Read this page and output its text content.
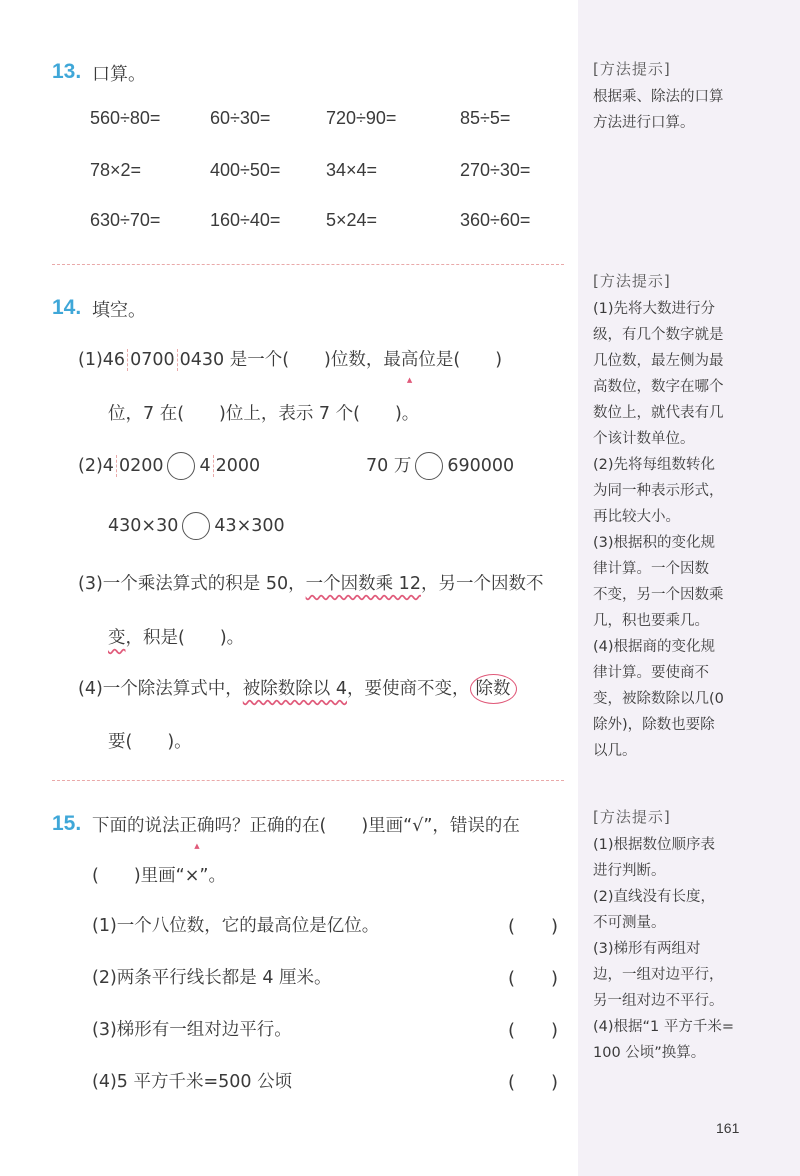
[方法提示]
根据乘、除法的口算
方法进行口算。
[方法提示]
(1)先将大数进行分
级，有几个数字就是
几位数，最左侧为最
高数位，数字在哪个
数位上，就代表有几
个该计数单位。
(2)先将每组数转化
为同一种表示形式，
再比较大小。
(3)根据积的变化规
律计算。一个因数
不变，另一个因数乘
几，积也要乘几。
(4)根据商的变化规
律计算。要使商不
变，被除数除以几(0
除外)，除数也要除
以几。
[方法提示]
(1)根据数位顺序表
进行判断。
(2)直线没有长度，
不可测量。
(3)梯形有两组对
边，一组对边平行，
另一组对边不平行。
(4)根据“1 平方千米=
100 公顷”换算。
13. 口算。
560÷80=	60÷30=	720÷90=	85÷5=
78×2=	400÷50=	34×4=	270÷30=
630÷70=	160÷40=	5×24=	360÷60=
14. 填空。
(1)46 0700 0430 是一个(　　)位数，最高位 ▲是(　　)
位，7 在(　　)位上，表示 7 个(　　)。
(2)4 0200 4 2000	70 万 690000
430×30 43×300
(3)一个乘法算式的积是 50，一个因数乘 12，另一个因数不
变，积是(　　)。
(4)一个除法算式中，被除数除以 4，要使商不变， 除数
要(　　)。
15. 下面的说法正确 ▲吗？正确的在(　　)里画“√”，错误的在
(　　)里画“×”。
(1)一个八位数，它的最高位是亿位。	(　　)
(2)两条平行线长都是 4 厘米。	(　　)
(3)梯形有一组对边平行。	(　　)
(4)5 平方千米=500 公顷	(　　)
161
